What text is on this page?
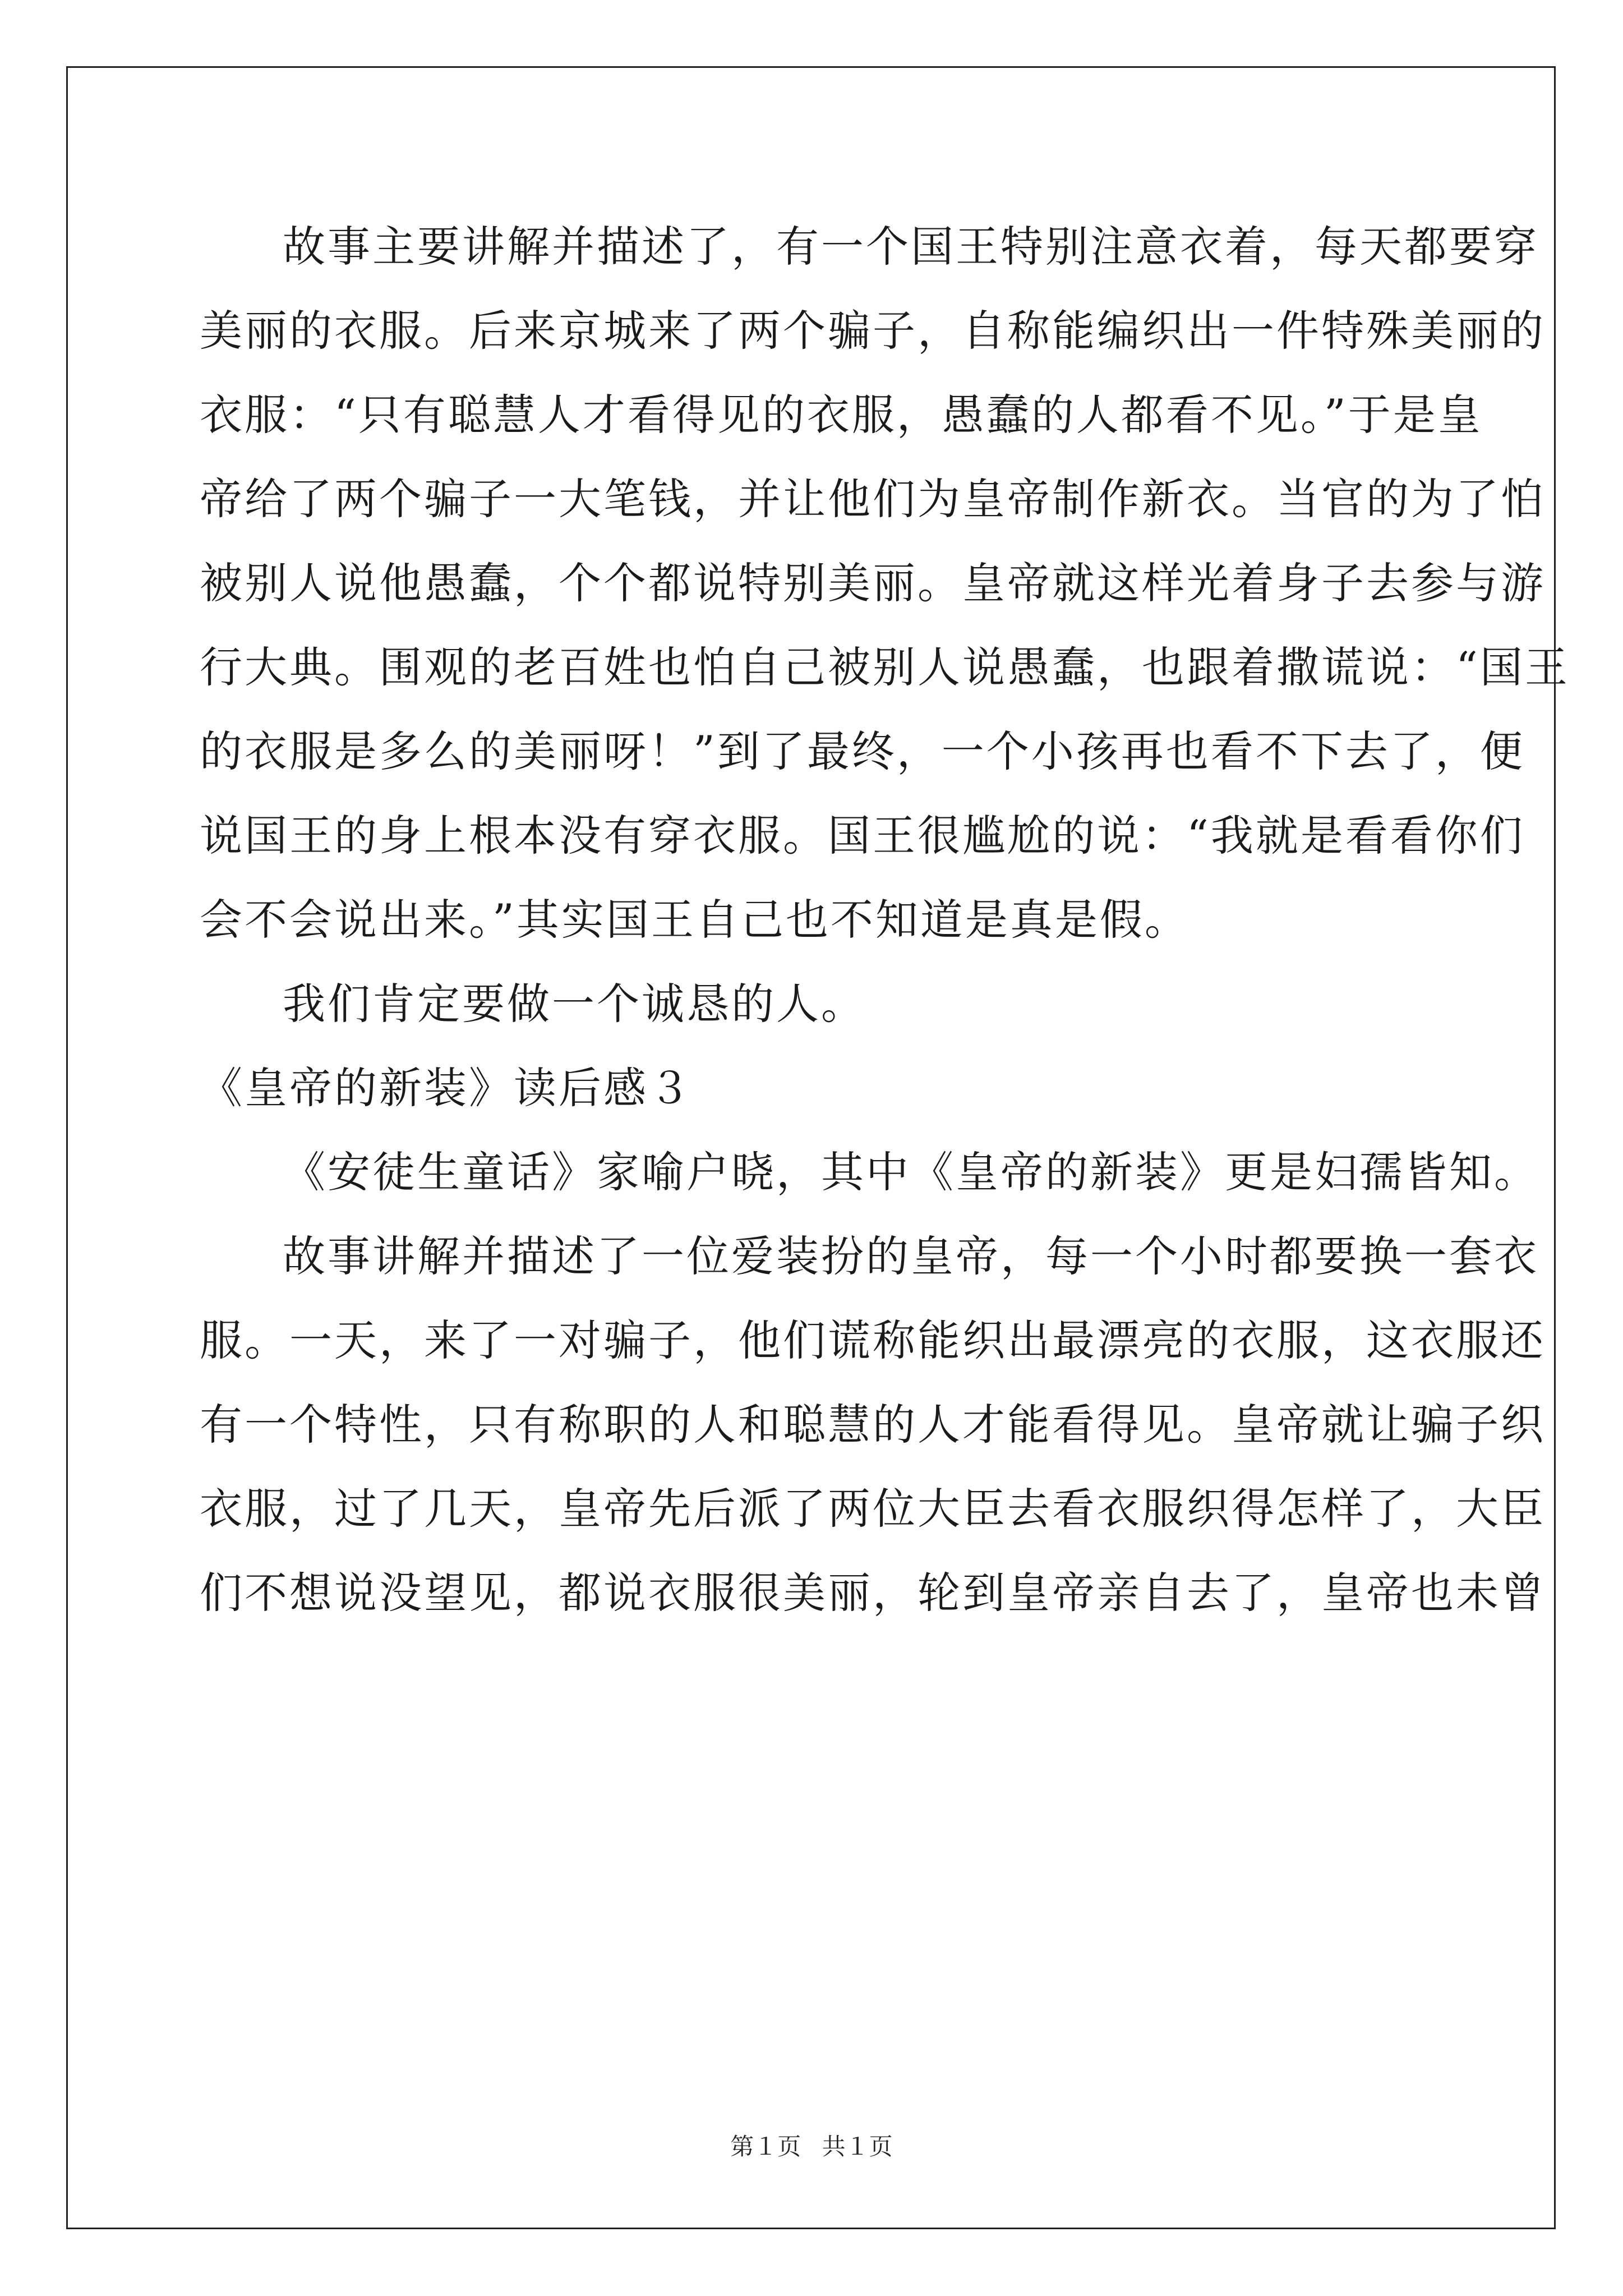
故事主要讲解并描述了，有一个国王特别注意衣着，每天都要穿
美丽的衣服。后来京城来了两个骗子，自称能编织出一件特殊美丽的
衣服：“只有聪慧人才看得见的衣服，愚蠢的人都看不见。”于是皇
帝给了两个骗子一大笔钱，并让他们为皇帝制作新衣。当官的为了怕
被别人说他愚蠢，个个都说特别美丽。皇帝就这样光着身子去参与游
行大典。围观的老百姓也怕自己被别人说愚蠢，也跟着撒谎说：“国王
的衣服是多么的美丽呀！”到了最终，一个小孩再也看不下去了，便
说国王的身上根本没有穿衣服。国王很尴尬的说：“我就是看看你们
会不会说出来。”其实国王自己也不知道是真是假。
我们肯定要做一个诚恳的人。
《皇帝的新装》读后感３
《安徒生童话》家喻户晓，其中《皇帝的新装》更是妇孺皆知。
故事讲解并描述了一位爱装扮的皇帝，每一个小时都要换一套衣
服。一天，来了一对骗子，他们谎称能织出最漂亮的衣服，这衣服还
有一个特性，只有称职的人和聪慧的人才能看得见。皇帝就让骗子织
衣服，过了几天，皇帝先后派了两位大臣去看衣服织得怎样了，大臣
们不想说没望见，都说衣服很美丽，轮到皇帝亲自去了，皇帝也未曾
第１页 共１页
